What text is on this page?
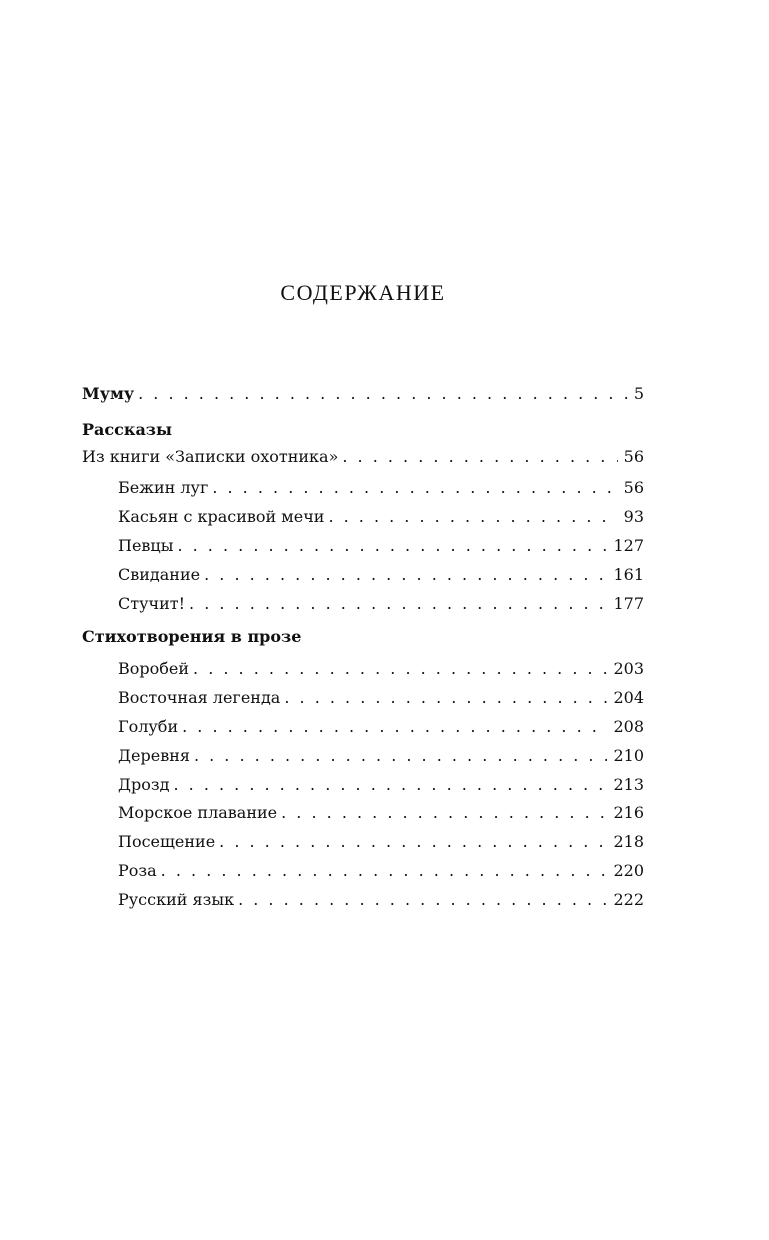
СОДЕРЖАНИЕ
Муму . . .	5
Рассказы
Из книги «Записки охотника» . . .	56
Бежин луг . . .	56
Касьян с красивой мечи . . .	93
Певцы . . .	127
Свидание . . .	161
Стучит! . . .	177
Стихотворения в прозе
Воробей . . .	203
Восточная легенда . . .	204
Голуби . . .	208
Деревня . . .	210
Дрозд . . .	213
Морское плавание . . .	216
Посещение . . .	218
Роза . . .	220
Русский язык . . .	222
